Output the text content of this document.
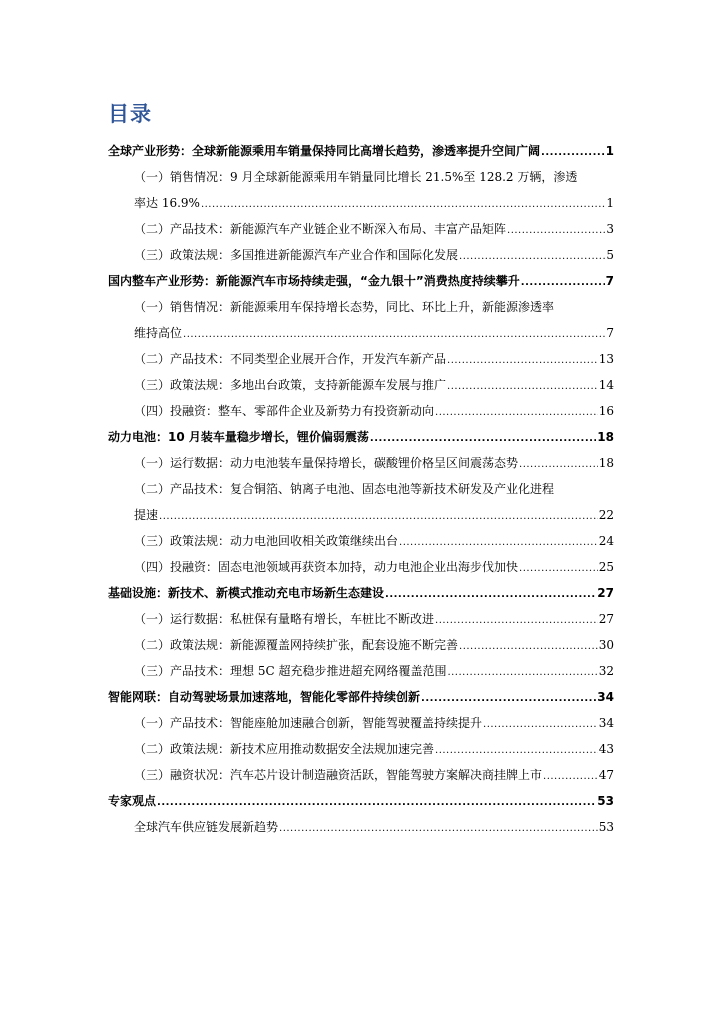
目录
全球产业形势：全球新能源乘用车销量保持同比高增长趋势，渗透率提升空间广阔 .....	1
（一）销售情况：9 月全球新能源乘用车销量同比增长 21.5%至 128.2 万辆，渗透
率达 16.9% .....	1
（二）产品技术：新能源汽车产业链企业不断深入布局、丰富产品矩阵 .....	3
（三）政策法规：多国推进新能源汽车产业合作和国际化发展 .....	5
国内整车产业形势：新能源汽车市场持续走强，“金九银十”消费热度持续攀升 .....	7
（一）销售情况：新能源乘用车保持增长态势，同比、环比上升，新能源渗透率
维持高位 .....	7
（二）产品技术：不同类型企业展开合作，开发汽车新产品 .....	13
（三）政策法规：多地出台政策，支持新能源车发展与推广 .....	14
（四）投融资：整车、零部件企业及新势力有投资新动向 .....	16
动力电池：10 月装车量稳步增长，锂价偏弱震荡 .....	18
（一）运行数据：动力电池装车量保持增长，碳酸锂价格呈区间震荡态势 .....	18
（二）产品技术：复合铜箔、钠离子电池、固态电池等新技术研发及产业化进程
提速 .....	22
（三）政策法规：动力电池回收相关政策继续出台 .....	24
（四）投融资：固态电池领域再获资本加持，动力电池企业出海步伐加快 .....	25
基础设施：新技术、新模式推动充电市场新生态建设 .....	27
（一）运行数据：私桩保有量略有增长，车桩比不断改进 .....	27
（二）政策法规：新能源覆盖网持续扩张，配套设施不断完善 .....	30
（三）产品技术：理想 5C 超充稳步推进超充网络覆盖范围 .....	32
智能网联：自动驾驶场景加速落地，智能化零部件持续创新 .....	34
（一）产品技术：智能座舱加速融合创新，智能驾驶覆盖持续提升 .....	34
（二）政策法规：新技术应用推动数据安全法规加速完善 .....	43
（三）融资状况：汽车芯片设计制造融资活跃，智能驾驶方案解决商挂牌上市 .....	47
专家观点 .....	53
全球汽车供应链发展新趋势 .....	53
